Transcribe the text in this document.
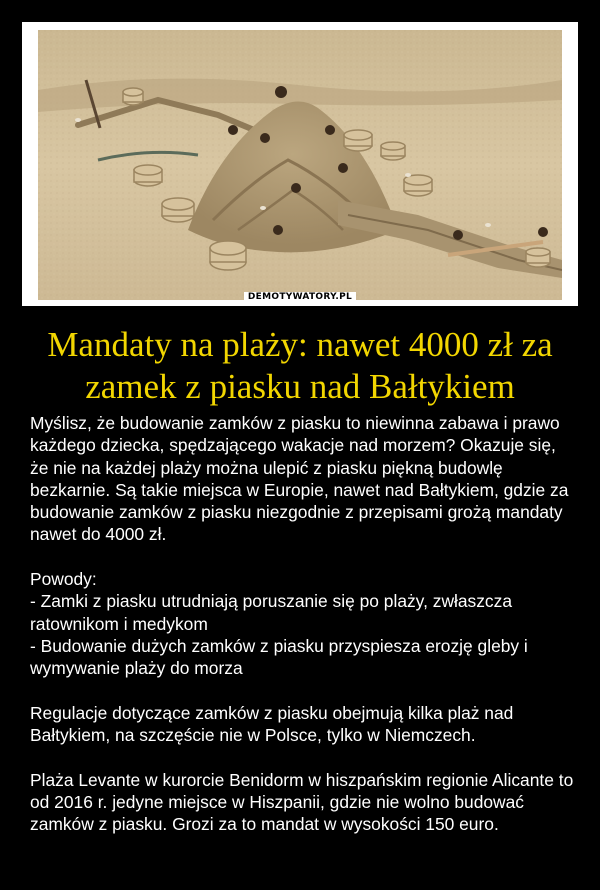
DEMOTYWATORY.PL
Mandaty na plaży: nawet 4000 zł za zamek z piasku nad Bałtykiem

Myślisz, że budowanie zamków z piasku to niewinna zabawa i prawo każdego dziecka, spędzającego wakacje nad morzem? Okazuje się, że nie na każdej plaży można ulepić z piasku piękną budowlę bezkarnie. Są takie miejsca w Europie, nawet nad Bałtykiem, gdzie za budowanie zamków z piasku niezgodnie z przepisami grożą mandaty nawet do 4000 zł.

Powody:

- Zamki z piasku utrudniają poruszanie się po plaży, zwłaszcza ratownikom i medykom

- Budowanie dużych zamków z piasku przyspiesza erozję gleby i wymywanie plaży do morza

Regulacje dotyczące zamków z piasku obejmują kilka plaż nad Bałtykiem, na szczęście nie w Polsce, tylko w Niemczech.

Plaża Levante w kurorcie Benidorm w hiszpańskim regionie Alicante to od 2016 r. jedyne miejsce w Hiszpanii, gdzie nie wolno budować zamków z piasku. Grozi za to mandat w wysokości 150 euro.
